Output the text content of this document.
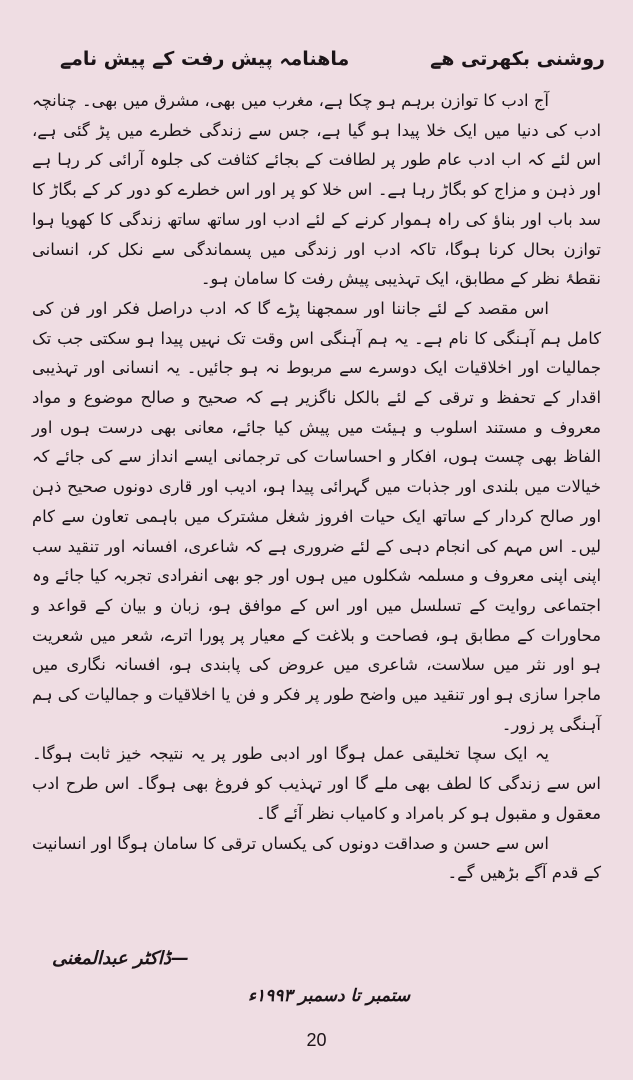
روشنی بکھرتی ھے
ماھنامہ پیش رفت کے پیش نامے

آج ادب کا توازن برہم ہو چکا ہے، مغرب میں بھی، مشرق میں بھی۔ چنانچہ ادب کی دنیا میں ایک خلا پیدا ہو گیا ہے، جس سے زندگی خطرے میں پڑ گئی ہے، اس لئے کہ اب ادب عام طور پر لطافت کے بجائے کثافت کی جلوہ آرائی کر رہا ہے اور ذہن و مزاج کو بگاڑ رہا ہے۔ اس خلا کو پر اور اس خطرے کو دور کر کے بگاڑ کا سد باب اور بناؤ کی راہ ہموار کرنے کے لئے ادب اور ساتھ ساتھ زندگی کا کھویا ہوا توازن بحال کرنا ہوگا، تاکہ ادب اور زندگی میں پسماندگی سے نکل کر، انسانی نقطۂ نظر کے مطابق، ایک تہذیبی پیش رفت کا سامان ہو۔

اس مقصد کے لئے جاننا اور سمجھنا پڑے گا کہ ادب دراصل فکر اور فن کی کامل ہم آہنگی کا نام ہے۔ یہ ہم آہنگی اس وقت تک نہیں پیدا ہو سکتی جب تک جمالیات اور اخلاقیات ایک دوسرے سے مربوط نہ ہو جائیں۔ یہ انسانی اور تہذیبی اقدار کے تحفظ و ترقی کے لئے بالکل ناگزیر ہے کہ صحیح و صالح موضوع و مواد معروف و مستند اسلوب و ہیئت میں پیش کیا جائے، معانی بھی درست ہوں اور الفاظ بھی چست ہوں، افکار و احساسات کی ترجمانی ایسے انداز سے کی جائے کہ خیالات میں بلندی اور جذبات میں گہرائی پیدا ہو، ادیب اور قاری دونوں صحیح ذہن اور صالح کردار کے ساتھ ایک حیات افروز شغل مشترک میں باہمی تعاون سے کام لیں۔ اس مہم کی انجام دہی کے لئے ضروری ہے کہ شاعری، افسانہ اور تنقید سب اپنی اپنی معروف و مسلمہ شکلوں میں ہوں اور جو بھی انفرادی تجربہ کیا جائے وہ اجتماعی روایت کے تسلسل میں اور اس کے موافق ہو، زبان و بیان کے قواعد و محاورات کے مطابق ہو، فصاحت و بلاغت کے معیار پر پورا اترے، شعر میں شعریت ہو اور نثر میں سلاست، شاعری میں عروض کی پابندی ہو، افسانہ نگاری میں ماجرا سازی ہو اور تنقید میں واضح طور پر فکر و فن یا اخلاقیات و جمالیات کی ہم آہنگی پر زور۔

یہ ایک سچا تخلیقی عمل ہوگا اور ادبی طور پر یہ نتیجہ خیز ثابت ہوگا۔ اس سے زندگی کا لطف بھی ملے گا اور تہذیب کو فروغ بھی ہوگا۔ اس طرح ادب معقول و مقبول ہو کر بامراد و کامیاب نظر آئے گا۔

اس سے حسن و صداقت دونوں کی یکساں ترقی کا سامان ہوگا اور انسانیت کے قدم آگے بڑھیں گے۔

—ڈاکٹر عبدالمغنی
ستمبر تا دسمبر ۱۹۹۳ء
20
